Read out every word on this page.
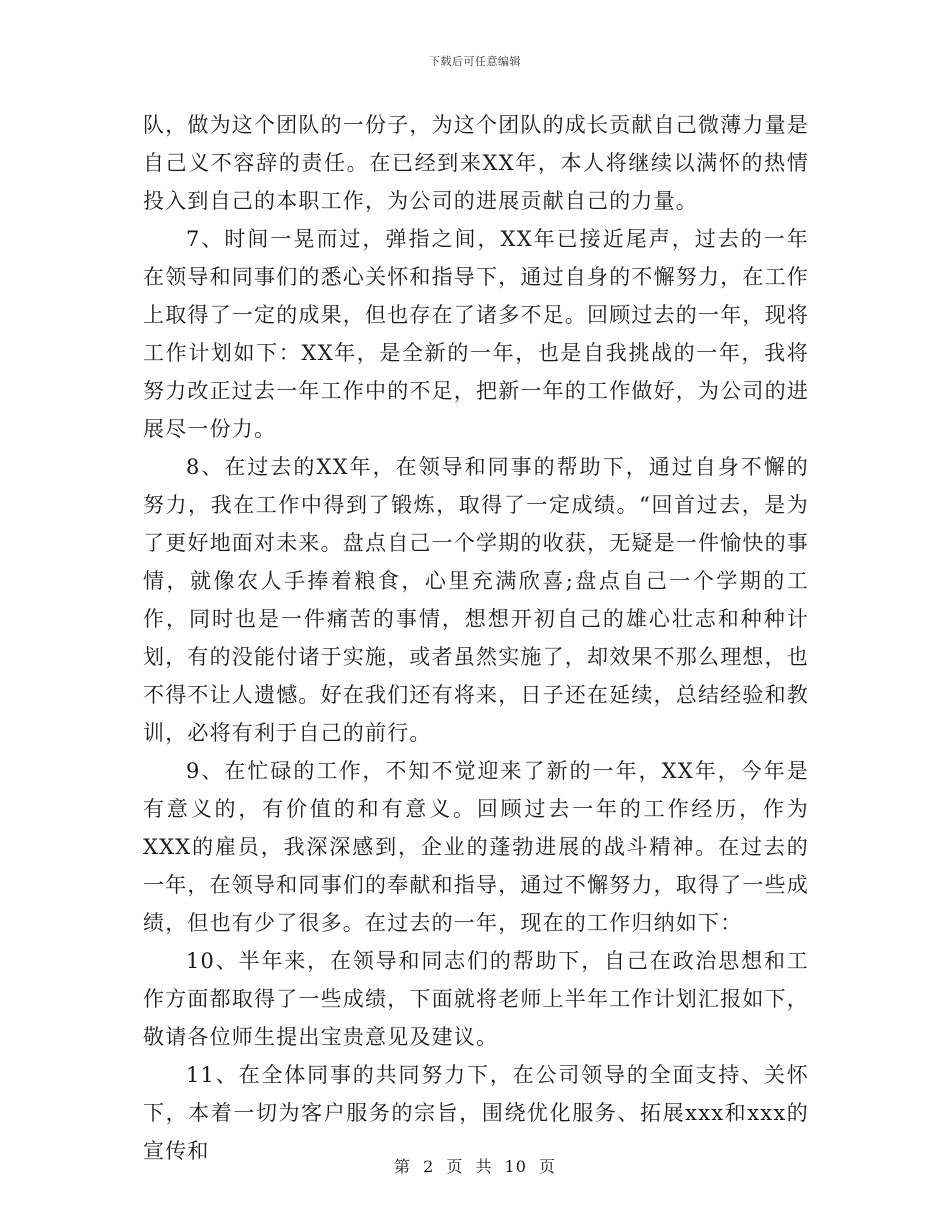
下载后可任意编辑

队，做为这个团队的一份子，为这个团队的成长贡献自己微薄力量是自己义不容辞的责任。在已经到来XX年，本人将继续以满怀的热情投入到自己的本职工作，为公司的进展贡献自己的力量。

7、时间一晃而过，弹指之间，XX年已接近尾声，过去的一年在领导和同事们的悉心关怀和指导下，通过自身的不懈努力，在工作上取得了一定的成果，但也存在了诸多不足。回顾过去的一年，现将工作计划如下：XX年，是全新的一年，也是自我挑战的一年，我将努力改正过去一年工作中的不足，把新一年的工作做好，为公司的进展尽一份力。

8、在过去的XX年，在领导和同事的帮助下，通过自身不懈的努力，我在工作中得到了锻炼，取得了一定成绩。“回首过去，是为了更好地面对未来。盘点自己一个学期的收获，无疑是一件愉快的事情，就像农人手捧着粮食，心里充满欣喜;盘点自己一个学期的工作，同时也是一件痛苦的事情，想想开初自己的雄心壮志和种种计划，有的没能付诸于实施，或者虽然实施了，却效果不那么理想，也不得不让人遗憾。好在我们还有将来，日子还在延续，总结经验和教训，必将有利于自己的前行。

9、在忙碌的工作，不知不觉迎来了新的一年，XX年，今年是有意义的，有价值的和有意义。回顾过去一年的工作经历，作为XXX的雇员，我深深感到，企业的蓬勃进展的战斗精神。在过去的一年，在领导和同事们的奉献和指导，通过不懈努力，取得了一些成绩，但也有少了很多。在过去的一年，现在的工作归纳如下：

10、半年来，在领导和同志们的帮助下，自己在政治思想和工作方面都取得了一些成绩，下面就将老师上半年工作计划汇报如下，敬请各位师生提出宝贵意见及建议。

11、在全体同事的共同努力下，在公司领导的全面支持、关怀下，本着一切为客户服务的宗旨，围绕优化服务、拓展xxx和xxx的宣传和

第 2 页 共 10 页
